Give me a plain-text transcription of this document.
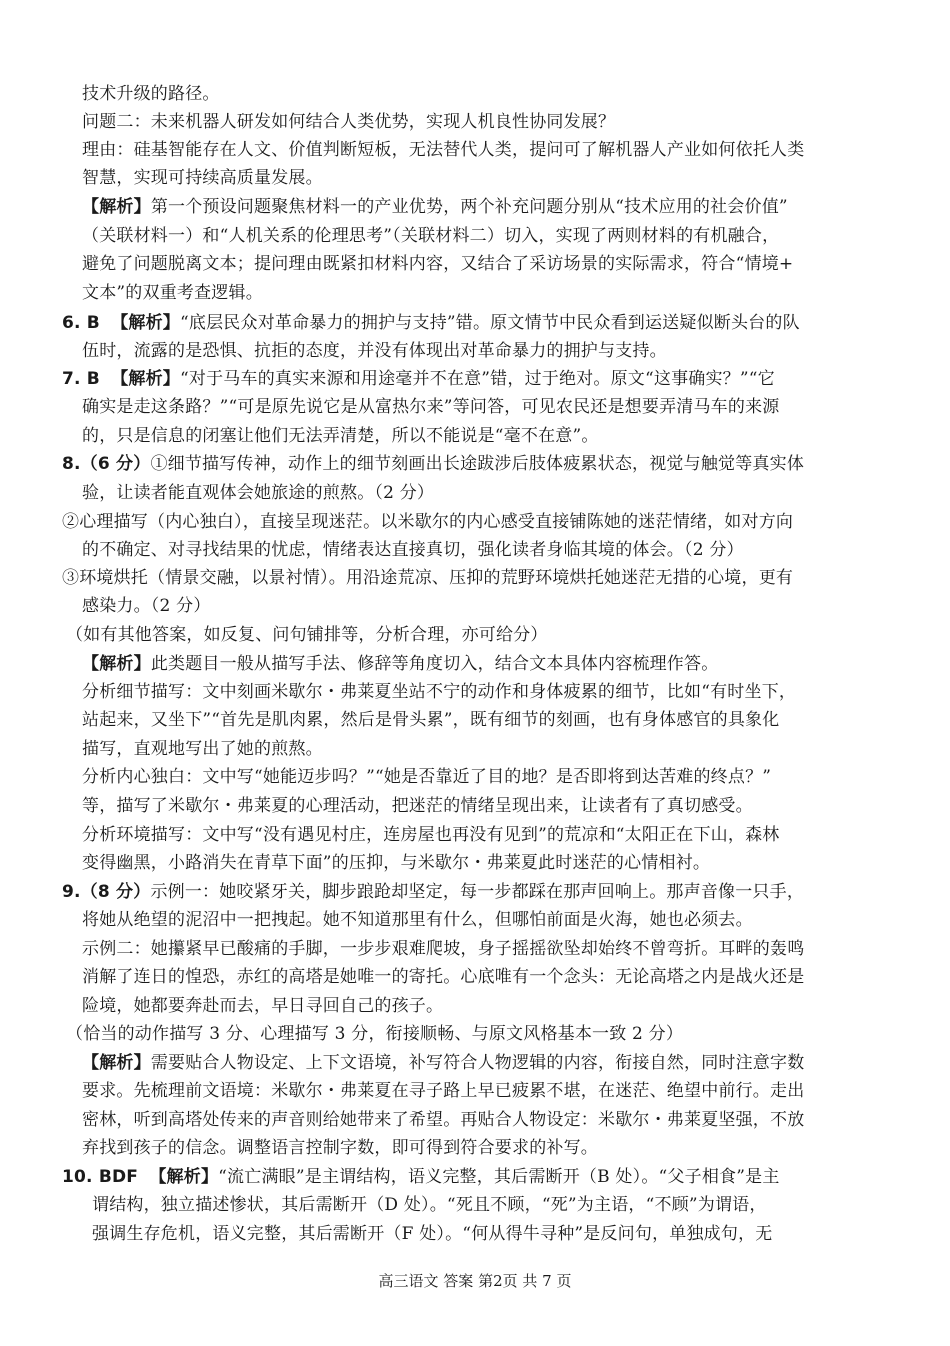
技术升级的路径。
问题二：未来机器人研发如何结合人类优势，实现人机良性协同发展？
理由：硅基智能存在人文、价值判断短板，无法替代人类，提问可了解机器人产业如何依托人类
智慧，实现可持续高质量发展。
【解析】第一个预设问题聚焦材料一的产业优势，两个补充问题分别从“技术应用的社会价值”
（关联材料一）和“人机关系的伦理思考”（关联材料二）切入，实现了两则材料的有机融合，
避免了问题脱离文本；提问理由既紧扣材料内容，又结合了采访场景的实际需求，符合“情境+
文本”的双重考查逻辑。
6. B 【解析】“底层民众对革命暴力的拥护与支持”错。原文情节中民众看到运送疑似断头台的队
伍时，流露的是恐惧、抗拒的态度，并没有体现出对革命暴力的拥护与支持。
7. B 【解析】“对于马车的真实来源和用途毫并不在意”错，过于绝对。原文“这事确实？”“它
确实是走这条路？”“可是原先说它是从富热尔来”等问答，可见农民还是想要弄清马车的来源
的，只是信息的闭塞让他们无法弄清楚，所以不能说是“毫不在意”。
8.（6 分）①细节描写传神，动作上的细节刻画出长途跋涉后肢体疲累状态，视觉与触觉等真实体
验，让读者能直观体会她旅途的煎熬。（2 分）
②心理描写（内心独白），直接呈现迷茫。以米歇尔的内心感受直接铺陈她的迷茫情绪，如对方向
的不确定、对寻找结果的忧虑，情绪表达直接真切，强化读者身临其境的体会。（2 分）
③环境烘托（情景交融，以景衬情）。用沿途荒凉、压抑的荒野环境烘托她迷茫无措的心境，更有
感染力。（2 分）
（如有其他答案，如反复、问句铺排等，分析合理，亦可给分）
【解析】此类题目一般从描写手法、修辞等角度切入，结合文本具体内容梳理作答。
分析细节描写：文中刻画米歇尔・弗莱夏坐站不宁的动作和身体疲累的细节，比如“有时坐下，
站起来，又坐下”“首先是肌肉累，然后是骨头累”，既有细节的刻画，也有身体感官的具象化
描写，直观地写出了她的煎熬。
分析内心独白：文中写“她能迈步吗？”“她是否靠近了目的地？是否即将到达苦难的终点？”
等，描写了米歇尔・弗莱夏的心理活动，把迷茫的情绪呈现出来，让读者有了真切感受。
分析环境描写：文中写“没有遇见村庄，连房屋也再没有见到”的荒凉和“太阳正在下山，森林
变得幽黑，小路消失在青草下面”的压抑，与米歇尔・弗莱夏此时迷茫的心情相衬。
9.（8 分）示例一：她咬紧牙关，脚步踉跄却坚定，每一步都踩在那声回响上。那声音像一只手，
将她从绝望的泥沼中一把拽起。她不知道那里有什么，但哪怕前面是火海，她也必须去。
示例二：她攥紧早已酸痛的手脚，一步步艰难爬坡，身子摇摇欲坠却始终不曾弯折。耳畔的轰鸣
消解了连日的惶恐，赤红的高塔是她唯一的寄托。心底唯有一个念头：无论高塔之内是战火还是
险境，她都要奔赴而去，早日寻回自己的孩子。
（恰当的动作描写 3 分、心理描写 3 分，衔接顺畅、与原文风格基本一致 2 分）
【解析】需要贴合人物设定、上下文语境，补写符合人物逻辑的内容，衔接自然，同时注意字数
要求。先梳理前文语境：米歇尔・弗莱夏在寻子路上早已疲累不堪，在迷茫、绝望中前行。走出
密林，听到高塔处传来的声音则给她带来了希望。再贴合人物设定：米歇尔・弗莱夏坚强，不放
弃找到孩子的信念。调整语言控制字数，即可得到符合要求的补写。
10. BDF 【解析】“流亡满眼”是主谓结构，语义完整，其后需断开（B 处）。“父子相食”是主
谓结构，独立描述惨状，其后需断开（D 处）。“死且不顾，“死”为主语，“不顾”为谓语，
强调生存危机，语义完整，其后需断开（F 处）。“何从得牛寻种”是反问句，单独成句，无
高三语文 答案 第2页 共 7 页
